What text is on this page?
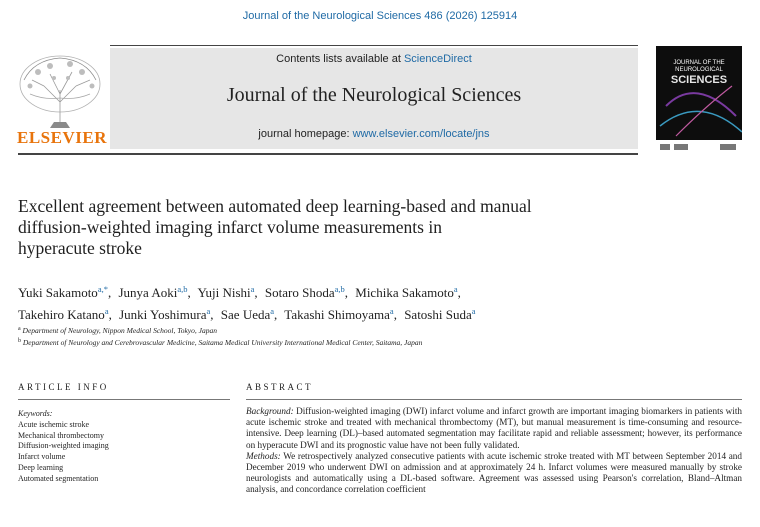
Journal of the Neurological Sciences 486 (2026) 125914
Contents lists available at ScienceDirect
Journal of the Neurological Sciences
journal homepage: www.elsevier.com/locate/jns
ELSEVIER
JOURNAL OF THE
NEUROLOGICAL
SCIENCES
Excellent agreement between automated deep learning-based and manual
diffusion-weighted imaging infarct volume measurements in
hyperacute stroke
Yuki Sakamoto$^{a,*}$, Junya Aoki$^{a,b}$, Yuji Nishi$^a$, Sotaro Shoda$^{a,b}$, Michika Sakamoto$^a$,
Takehiro Katano$^a$, Junki Yoshimura$^a$, Sae Ueda$^a$, Takashi Shimoyama$^a$, Satoshi Suda$^a$
$^a$ Department of Neurology, Nippon Medical School, Tokyo, Japan
$^b$ Department of Neurology and Cerebrovascular Medicine, Saitama Medical University International Medical Center, Saitama, Japan
ARTICLE INFO
Keywords:
Acute ischemic stroke
Mechanical thrombectomy
Diffusion-weighted imaging
Infarct volume
Deep learning
Automated segmentation
ABSTRACT

Background: Diffusion-weighted imaging (DWI) infarct volume and infarct growth are important imaging biomarkers in patients with acute ischemic stroke and treated with mechanical thrombectomy (MT), but manual measurement is time-consuming and resource-intensive. Deep learning (DL)–based automated segmentation may facilitate rapid and reliable assessment; however, its performance on hyperacute DWI and its prognostic value have not been fully validated.

Methods: We retrospectively analyzed consecutive patients with acute ischemic stroke treated with MT between September 2014 and December 2019 who underwent DWI on admission and at approximately 24 h. Infarct volumes were measured manually by stroke neurologists and automatically using a DL-based software. Agreement was assessed using Pearson's correlation, Bland–Altman analysis, and concordance correlation coefficient
